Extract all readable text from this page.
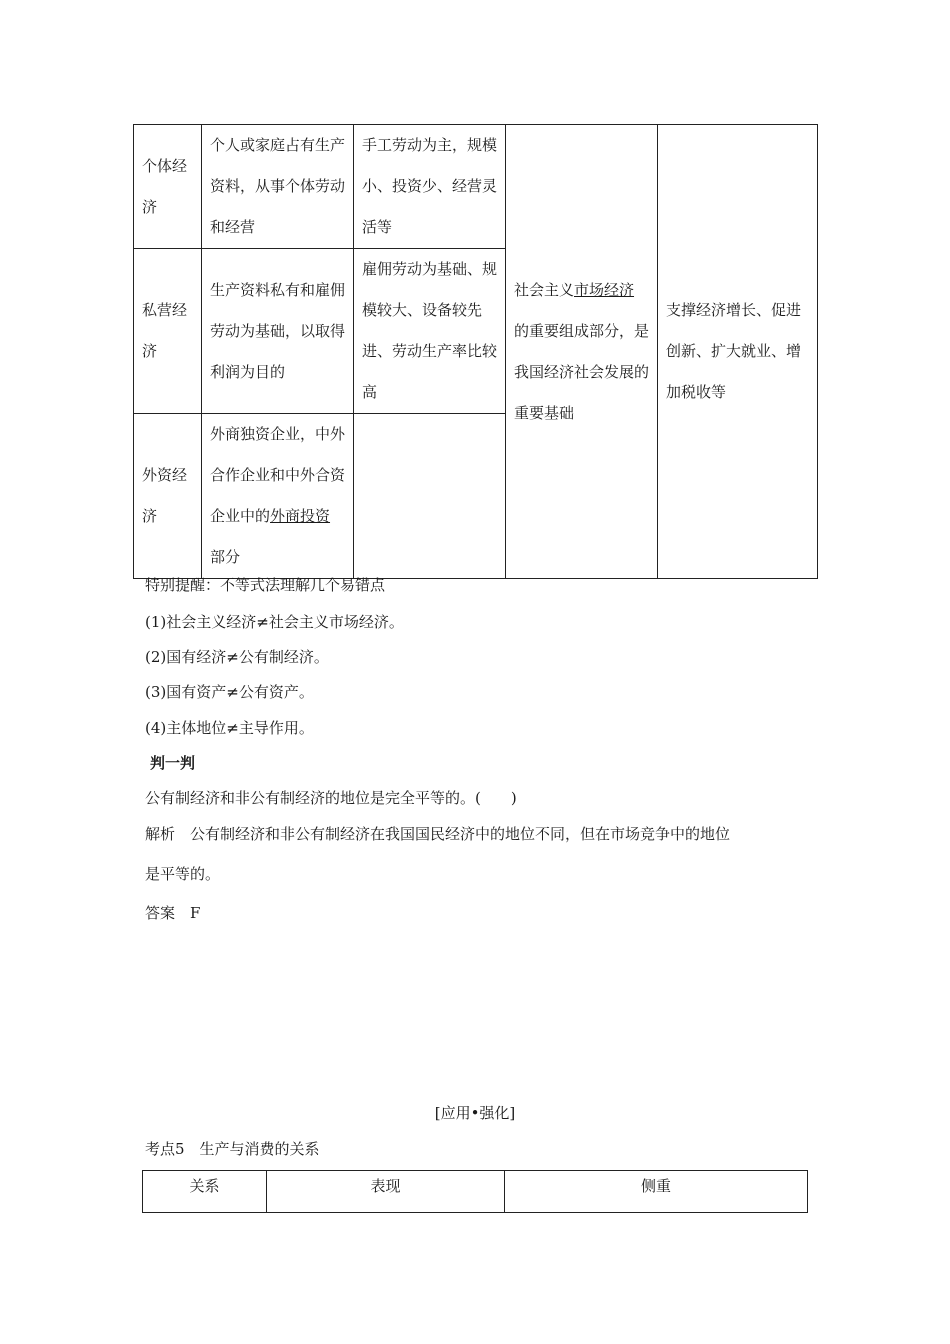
个体经济	个人或家庭占有生产资料，从事个体劳动和经营	手工劳动为主，规模小、投资少、经营灵活等	社会主义市场经济的重要组成部分，是我国经济社会发展的重要基础	支撑经济增长、促进创新、扩大就业、增加税收等

私营经济	生产资料私有和雇佣劳动为基础，以取得利润为目的	雇佣劳动为基础、规模较大、设备较先进、劳动生产率比较高		

外资经济	外商独资企业，中外合作企业和中外合资企业中的外商投资部分			

特别提醒：不等式法理解几个易错点
(1)社会主义经济≠社会主义市场经济。
(2)国有经济≠公有制经济。
(3)国有资产≠公有资产。
(4)主体地位≠主导作用。
判一判
公有制经济和非公有制经济的地位是完全平等的。(　　)
解析　公有制经济和非公有制经济在我国国民经济中的地位不同，但在市场竞争中的地位
是平等的。
答案　F
[应用•强化]
考点5　生产与消费的关系
关系	表现	侧重
